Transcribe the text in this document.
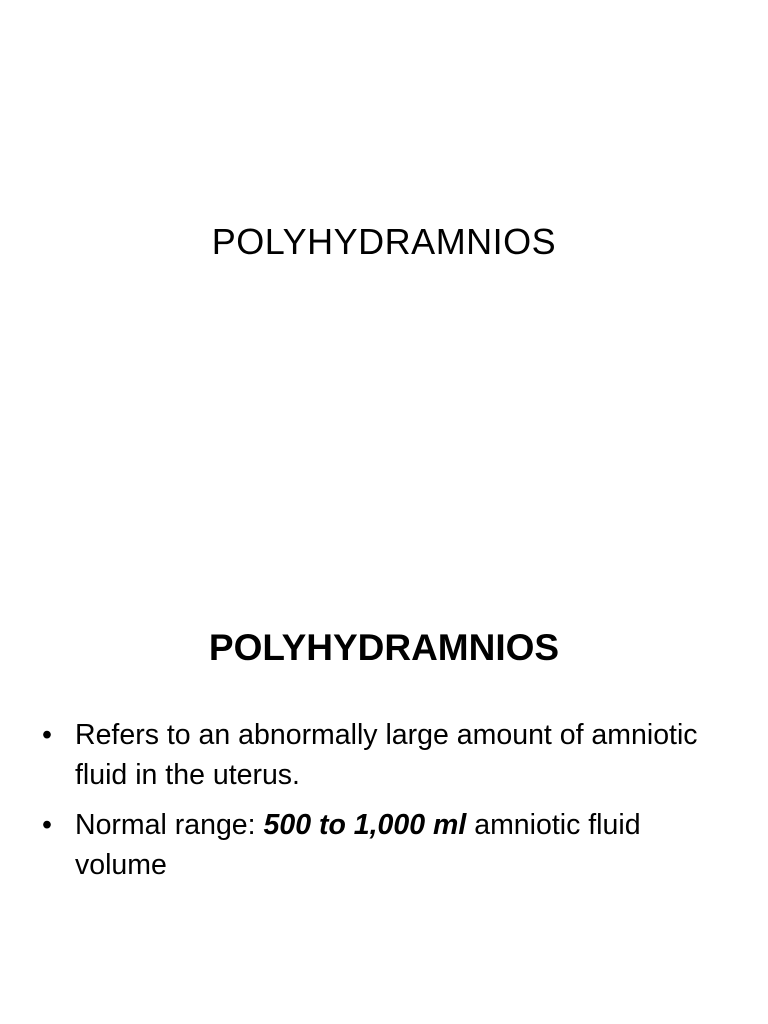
POLYHYDRAMNIOS
POLYHYDRAMNIOS
• Refers to an abnormally large amount of amniotic fluid in the uterus.
• Normal range: 500 to 1,000 ml amniotic fluid volume
